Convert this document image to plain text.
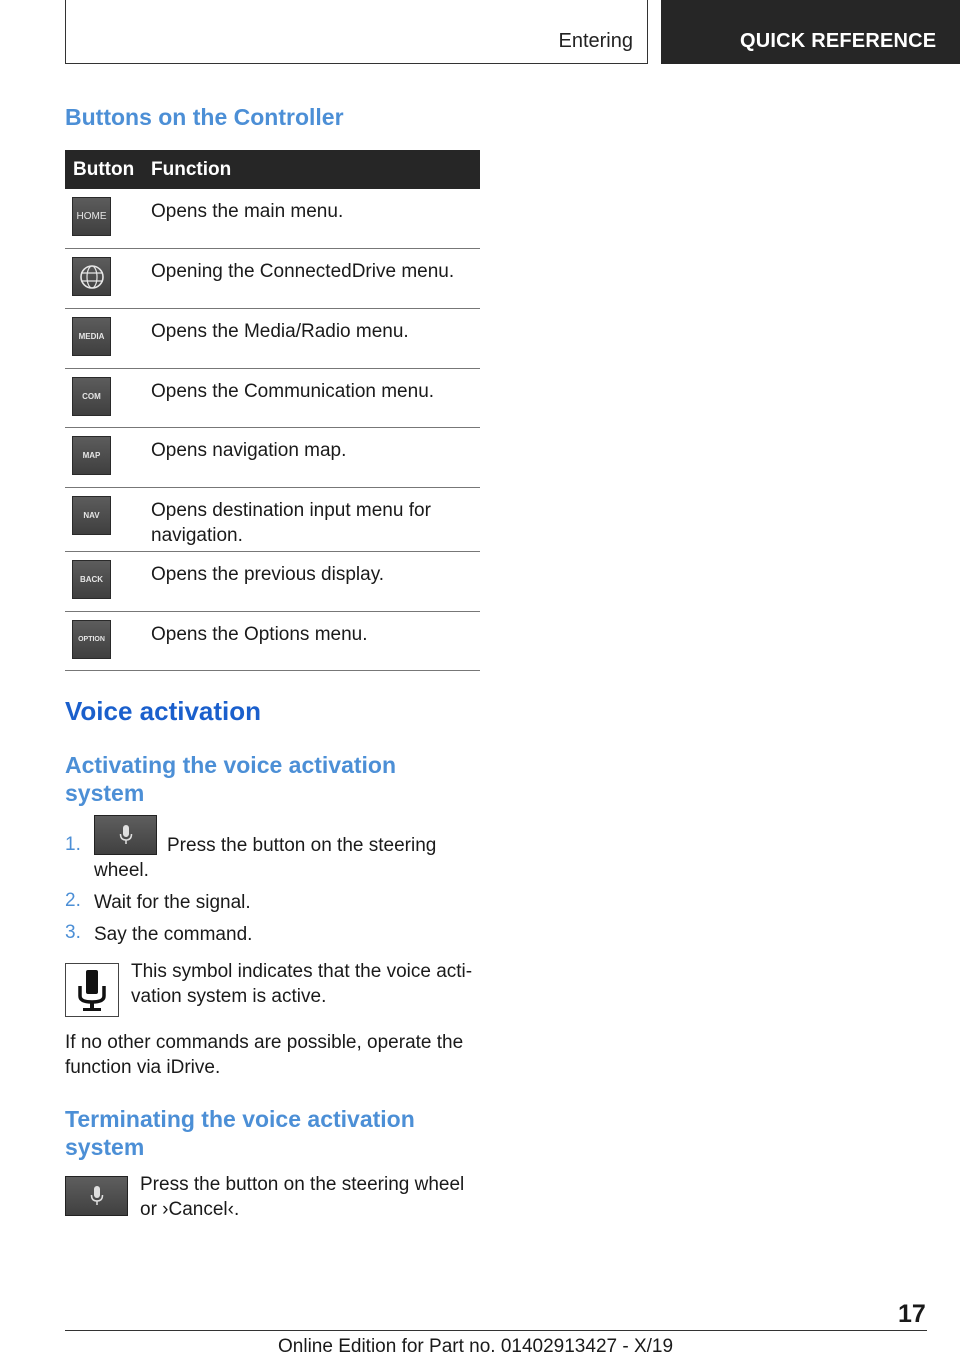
Entering	QUICK REFERENCE
Buttons on the Controller
Button Function
HOME Opens the main menu.
Opening the ConnectedDrive menu.
MEDIA Opens the Media/Radio menu.
COM	Opens the Communication menu.
MAP	Opens navigation map.
NAV	Opens destination input menu for navigation.
BACK	Opens the previous display.
OPTION Opens the Options menu.
Voice activation
Activating the voice activation
system
1.	Press the button on the steering
wheel.
2. Wait for the signal.
3. Say the command.
This symbol indicates that the voice acti-
vation system is active.
If no other commands are possible, operate the
function via iDrive.
Terminating the voice activation
system
Press the button on the steering wheel
or ›Cancel‹.
17
Online Edition for Part no. 01402913427 - X/19
